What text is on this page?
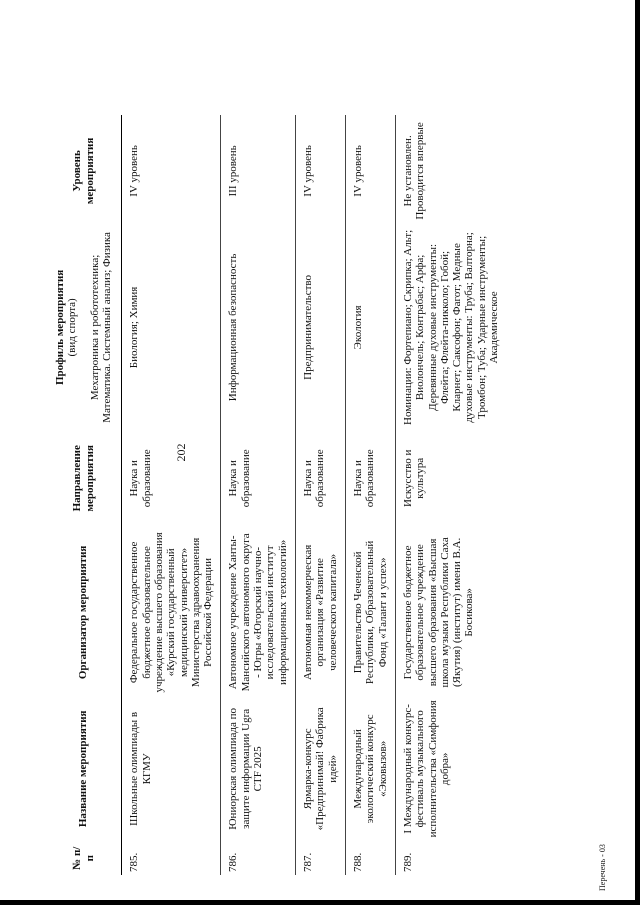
202
№ п/п	Название мероприятия	Организатор мероприятия	Направление мероприятия	Профиль мероприятия (вид спорта) Мехатроника и робототехника; Математика. Системный анализ; Физика	Уровень мероприятия
785.	Школьные олимпиады в КГМУ	Федеральное государственное бюджетное образовательное учреждение высшего образования «Курский государственный медицинский университет» Министерства здравоохранения Российской Федерации	Наука и образование	Биология; Химия	IV уровень
786.	Юниорская олимпиада по защите информации Ugra CTF 2025	Автономное учреждение Ханты-Мансийского автономного округа - Югры «Югорский научно-исследовательский институт информационных технологий»	Наука и образование	Информационная безопасность	III уровень
787.	Ярмарка-конкурс «Предпринимай! Фабрика идей»	Автономная некоммерческая организация «Развитие человеческого капитала»	Наука и образование	Предпринимательство	IV уровень
788.	Международный экологический конкурс «Эковызов»	Правительство Чеченской Республики, Образовательный Фонд «Талант и успех»	Наука и образование	Экология	IV уровень
789.	I Международный конкурс-фестиваль музыкального исполнительства «Симфония добра»	Государственное бюджетное образовательное учреждение высшего образования «Высшая школа музыки Республики Саха (Якутия) (институт) имени В.А. Босикова»	Искусство и культура	Номинации: Фортепиано; Скрипка; Альт; Виолончель; Контрабас; Арфа; Деревянные духовые инструменты: Флейта; Флейта-пикколо; Гобой; Кларнет; Саксофон; Фагот; Медные духовые инструменты: Труба; Валторна; Тромбон; Туба; Ударные инструменты; Академическое	Не установлен. Проводится впервые
Перечень - 03
